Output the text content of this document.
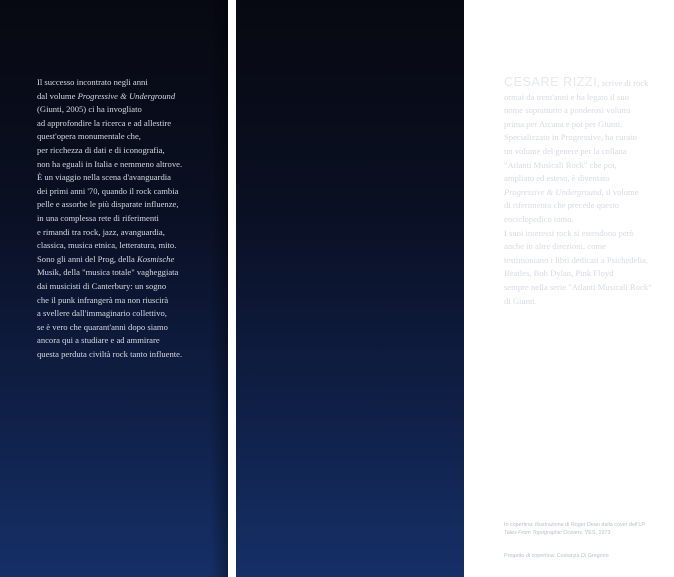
Il successo incontrato negli anni

dal volume Progressive & Underground

(Giunti, 2005) ci ha invogliato

ad approfondire la ricerca e ad allestire

quest'opera monumentale che,

per ricchezza di dati e di iconografia,

non ha eguali in Italia e nemmeno altrove.

È un viaggio nella scena d'avanguardia

dei primi anni '70, quando il rock cambia

pelle e assorbe le più disparate influenze,

in una complessa rete di riferimenti

e rimandi tra rock, jazz, avanguardia,

classica, musica etnica, letteratura, mito.

Sono gli anni del Prog, della Kosmische

Musik, della "musica totale" vagheggiata

dai musicisti di Canterbury: un sogno

che il punk infrangerà ma non riuscirà

a svellere dall'immaginario collettivo,

se è vero che quarant'anni dopo siamo

ancora qui a studiare e ad ammirare

questa perduta civiltà rock tanto influente.

CESARE RIZZI, scrive di rock

ormai da trent'anni e ha legato il suo

nome soprattutto a ponderosi volumi

prima per Arcana e poi per Giunti.

Specializzato in Progressive, ha curato

un volume del genere per la collana

"Atlanti Musicali Rock" che poi,

ampliato ed esteso, è diventato

Progressive & Underground, il volume

di riferimento che precede questo

enciclopedico tomo.

I suoi interessi rock si estendono però

anche in altre direzioni, come

testimoniano i libri dedicati a Psichedelia,

Beatles, Bob Dylan, Pink Floyd

sempre nella serie "Atlanti Musicali Rock"

di Giunti.

In copertina: illustrazione di Roger Dean dalla cover dell'LP
Tales From Topographic Oceans, YES, 1973
Progetto di copertina: Costanza Di Gregorio
